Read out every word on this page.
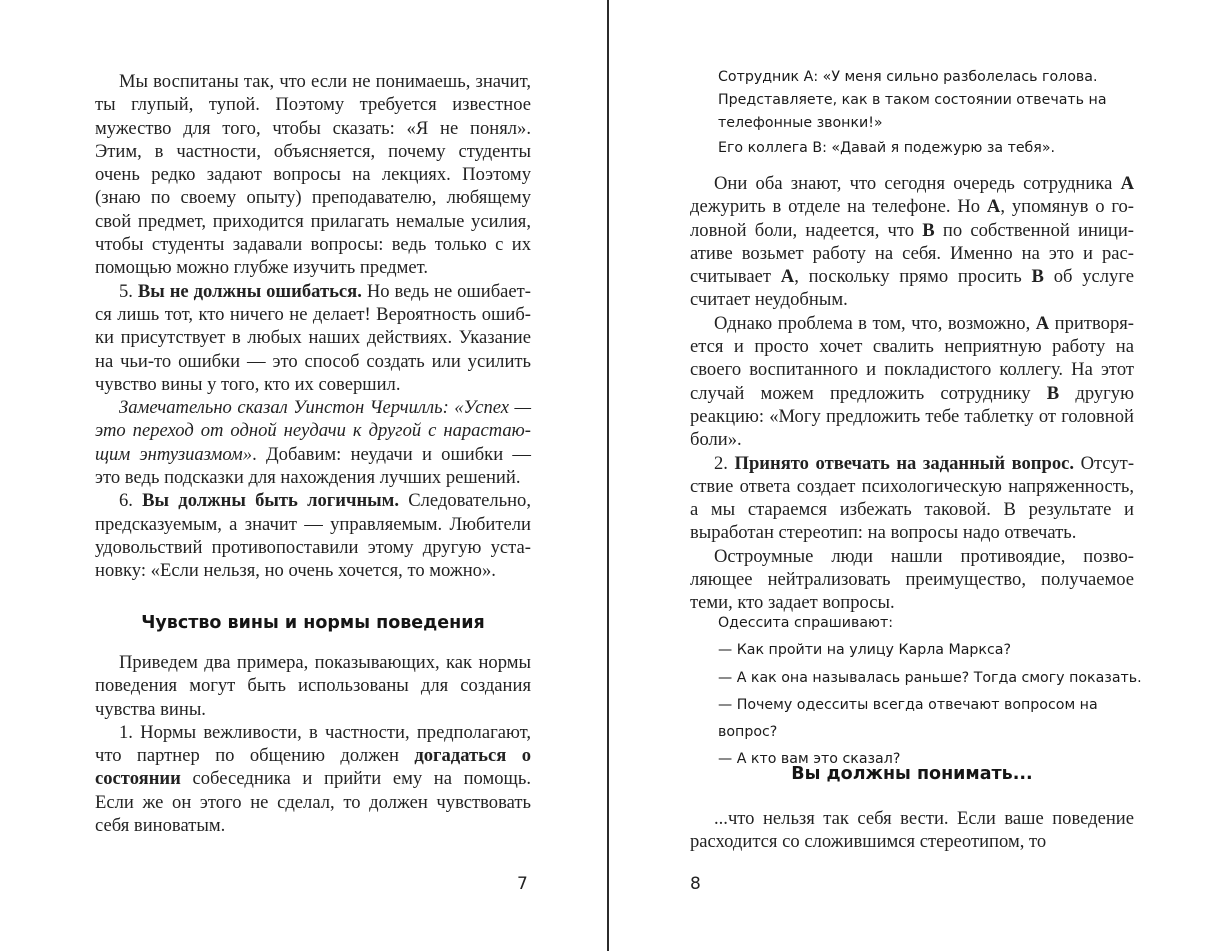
Мы воспитаны так, что если не понимаешь, значит, ты глупый, тупой. Поэтому требуется известное мужество для того, чтобы сказать: «Я не понял». Этим, в частности, объясняется, почему студенты очень редко задают вопросы на лекциях. Поэтому (знаю по своему опыту) преподавателю, любящему свой предмет, приходится прилагать немалые усилия, чтобы студенты задавали вопросы: ведь только с их помощью можно глубже изучить предмет.

5. Вы не должны ошибаться. Но ведь не ошибается лишь тот, кто ничего не делает! Вероятность ошибки присутствует в любых наших действиях. Указание на чьи-то ошибки — это способ создать или усилить чувство вины у того, кто их совершил.

Замечательно сказал Уинстон Черчилль: «Успех — это переход от одной неудачи к другой с нарастающим энтузиазмом». Добавим: неудачи и ошибки — это ведь подсказки для нахождения лучших решений.

6. Вы должны быть логичным. Следовательно, предсказуемым, а значит — управляемым. Любители удовольствий противопоставили этому другую установку: «Если нельзя, но очень хочется, то можно».

Чувство вины и нормы поведения

Приведем два примера, показывающих, как нормы поведения могут быть использованы для создания чувства вины.

1. Нормы вежливости, в частности, предполагают, что партнер по общению должен догадаться о состоянии собеседника и прийти ему на помощь. Если же он этого не сделал, то должен чувствовать себя виноватым.

7

Сотрудник А: «У меня сильно разболелась голова. Представляете, как в таком состоянии отвечать на телефонные звонки!»

Его коллега В: «Давай я подежурю за тебя».

Они оба знают, что сегодня очередь сотрудника А дежурить в отделе на телефоне. Но А, упомянув о головной боли, надеется, что В по собственной инициативе возьмет работу на себя. Именно на это и рассчитывает А, поскольку прямо просить В об услуге считает неудобным.

Однако проблема в том, что, возможно, А притворяется и просто хочет свалить неприятную работу на своего воспитанного и покладистого коллегу. На этот случай можем предложить сотруднику В другую реакцию: «Могу предложить тебе таблетку от головной боли».

2. Принято отвечать на заданный вопрос. Отсутствие ответа создает психологическую напряженность, а мы стараемся избежать таковой. В результате и выработан стереотип: на вопросы надо отвечать.

Остроумные люди нашли противоядие, позволяющее нейтрализовать преимущество, получаемое теми, кто задает вопросы.

Одессита спрашивают:

— Как пройти на улицу Карла Маркса?

— А как она называлась раньше? Тогда смогу показать.

— Почему одесситы всегда отвечают вопросом на вопрос?

— А кто вам это сказал?

Вы должны понимать...

...что нельзя так себя вести. Если ваше поведение расходится со сложившимся стереотипом, то

8
